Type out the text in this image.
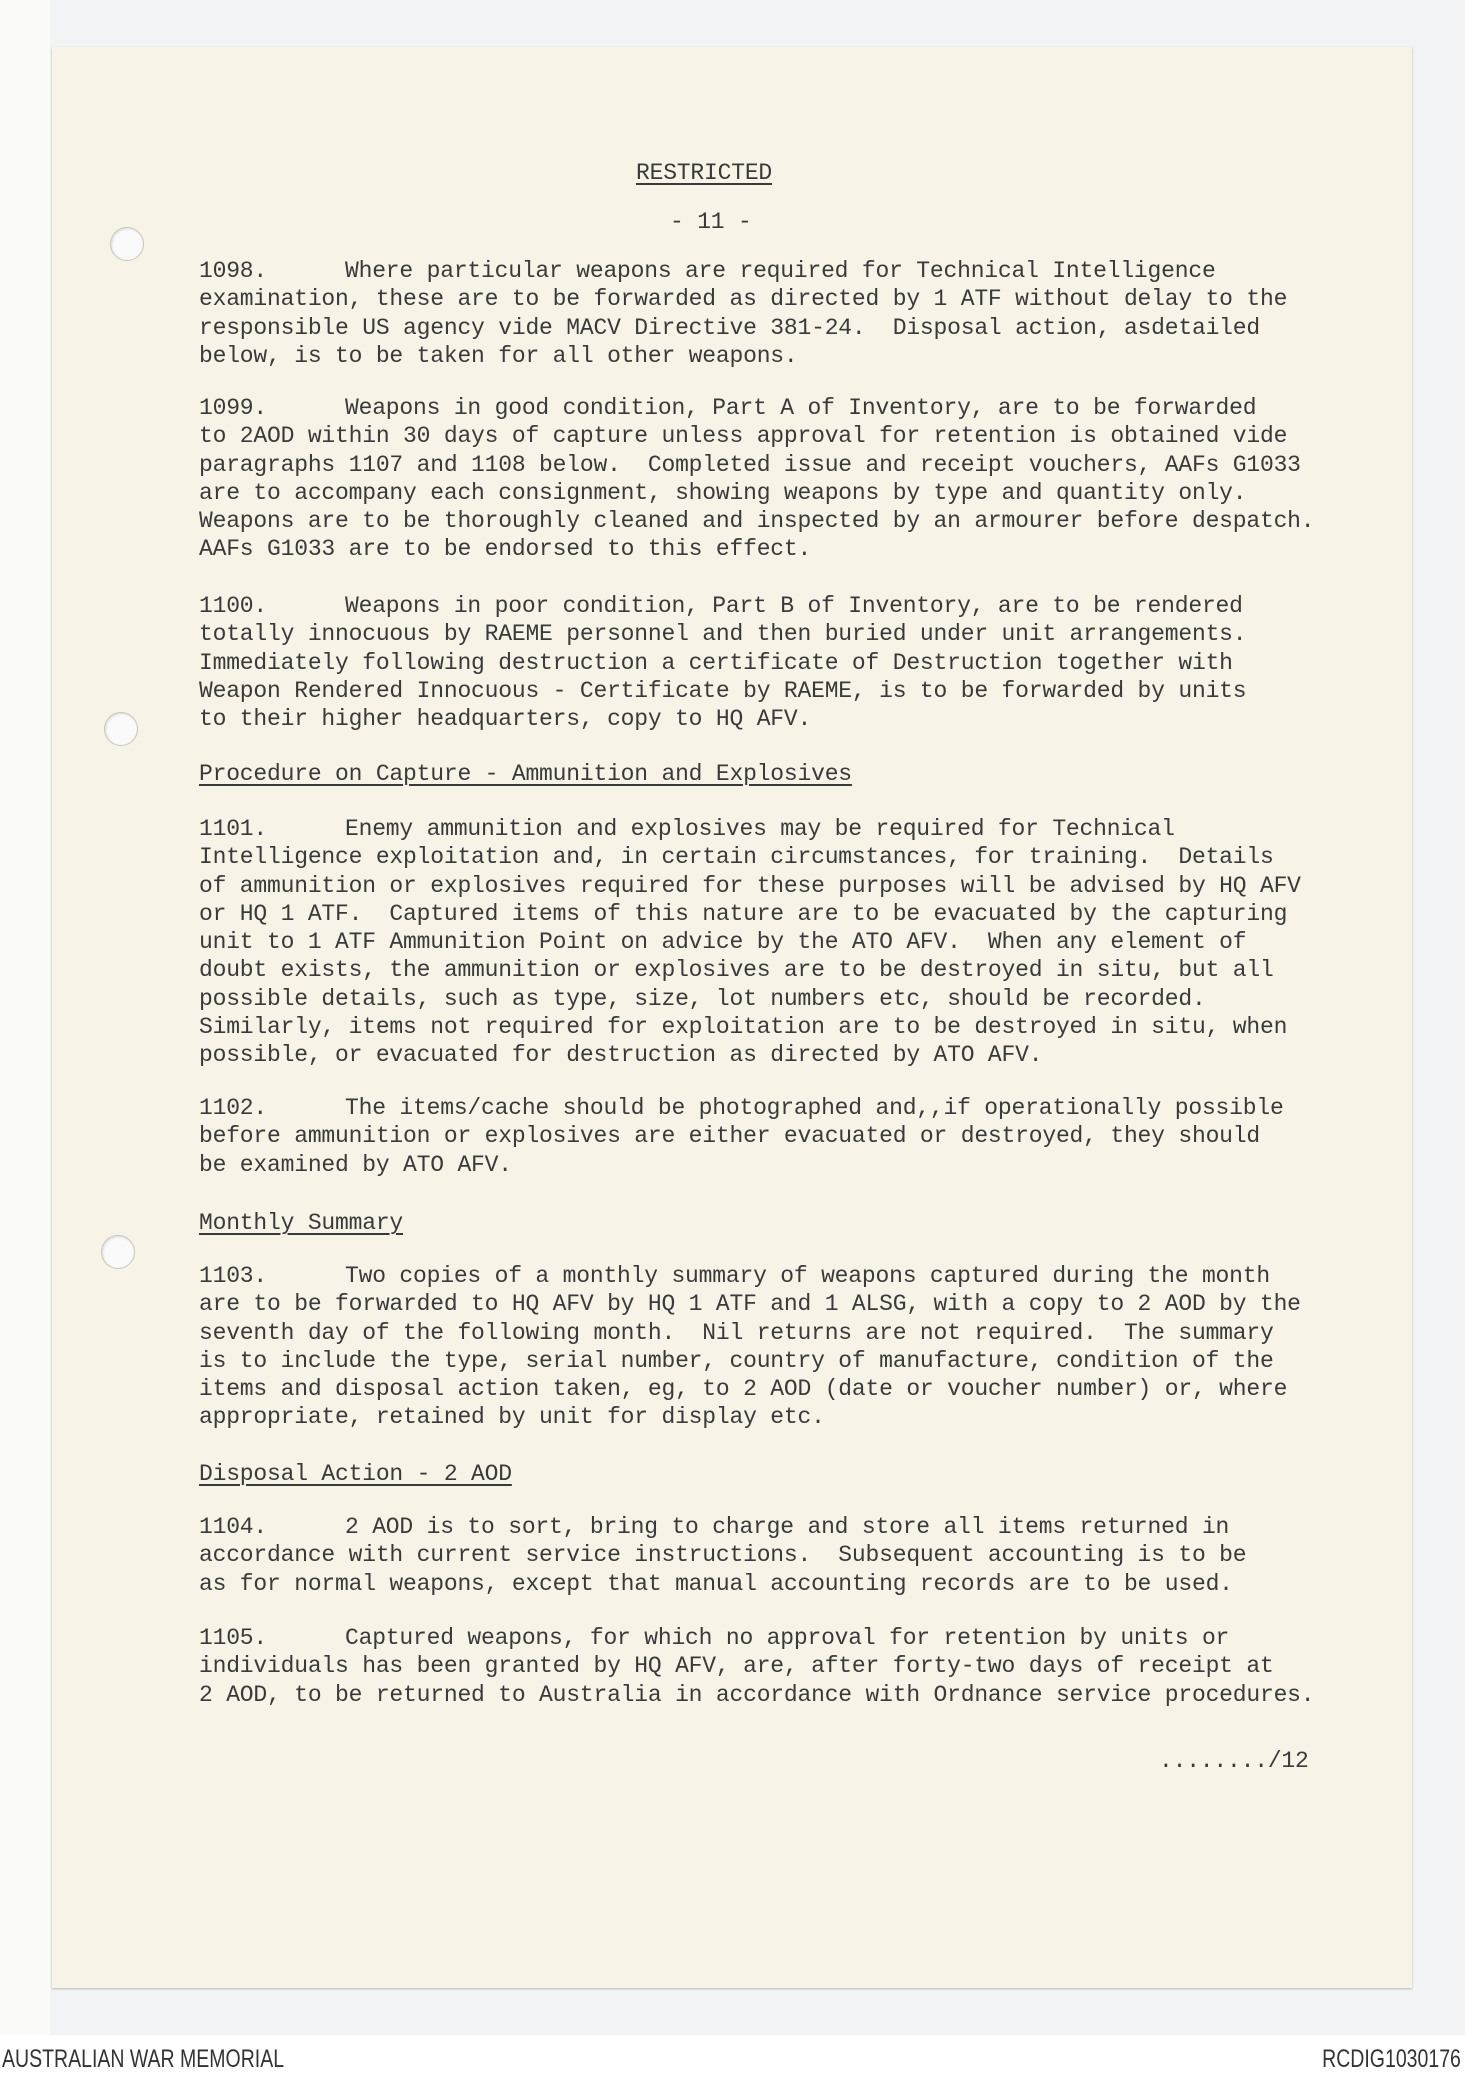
RESTRICTED
- 11 -
1098.	Where particular weapons are required for Technical Intelligence
examination, these are to be forwarded as directed by 1 ATF without delay to the
responsible US agency vide MACV Directive 381-24.  Disposal action, asdetailed
below, is to be taken for all other weapons.
1099.	Weapons in good condition, Part A of Inventory, are to be forwarded
to 2AOD within 30 days of capture unless approval for retention is obtained vide
paragraphs 1107 and 1108 below.  Completed issue and receipt vouchers, AAFs G1033
are to accompany each consignment, showing weapons by type and quantity only.
Weapons are to be thoroughly cleaned and inspected by an armourer before despatch.
AAFs G1033 are to be endorsed to this effect.
1100.	Weapons in poor condition, Part B of Inventory, are to be rendered
totally innocuous by RAEME personnel and then buried under unit arrangements.
Immediately following destruction a certificate of Destruction together with
Weapon Rendered Innocuous - Certificate by RAEME, is to be forwarded by units
to their higher headquarters, copy to HQ AFV.
Procedure on Capture - Ammunition and Explosives
1101.	Enemy ammunition and explosives may be required for Technical
Intelligence exploitation and, in certain circumstances, for training.  Details
of ammunition or explosives required for these purposes will be advised by HQ AFV
or HQ 1 ATF.  Captured items of this nature are to be evacuated by the capturing
unit to 1 ATF Ammunition Point on advice by the ATO AFV.  When any element of
doubt exists, the ammunition or explosives are to be destroyed in situ, but all
possible details, such as type, size, lot numbers etc, should be recorded.
Similarly, items not required for exploitation are to be destroyed in situ, when
possible, or evacuated for destruction as directed by ATO AFV.
1102.	The items/cache should be photographed and,,if operationally possible
before ammunition or explosives are either evacuated or destroyed, they should
be examined by ATO AFV.
Monthly Summary
1103.	Two copies of a monthly summary of weapons captured during the month
are to be forwarded to HQ AFV by HQ 1 ATF and 1 ALSG, with a copy to 2 AOD by the
seventh day of the following month.  Nil returns are not required.  The summary
is to include the type, serial number, country of manufacture, condition of the
items and disposal action taken, eg, to 2 AOD (date or voucher number) or, where
appropriate, retained by unit for display etc.
Disposal Action - 2 AOD
1104.	2 AOD is to sort, bring to charge and store all items returned in
accordance with current service instructions.  Subsequent accounting is to be
as for normal weapons, except that manual accounting records are to be used.
1105.	Captured weapons, for which no approval for retention by units or
individuals has been granted by HQ AFV, are, after forty-two days of receipt at
2 AOD, to be returned to Australia in accordance with Ordnance service procedures.
......../12
AUSTRALIAN WAR MEMORIAL	RCDIG1030176
